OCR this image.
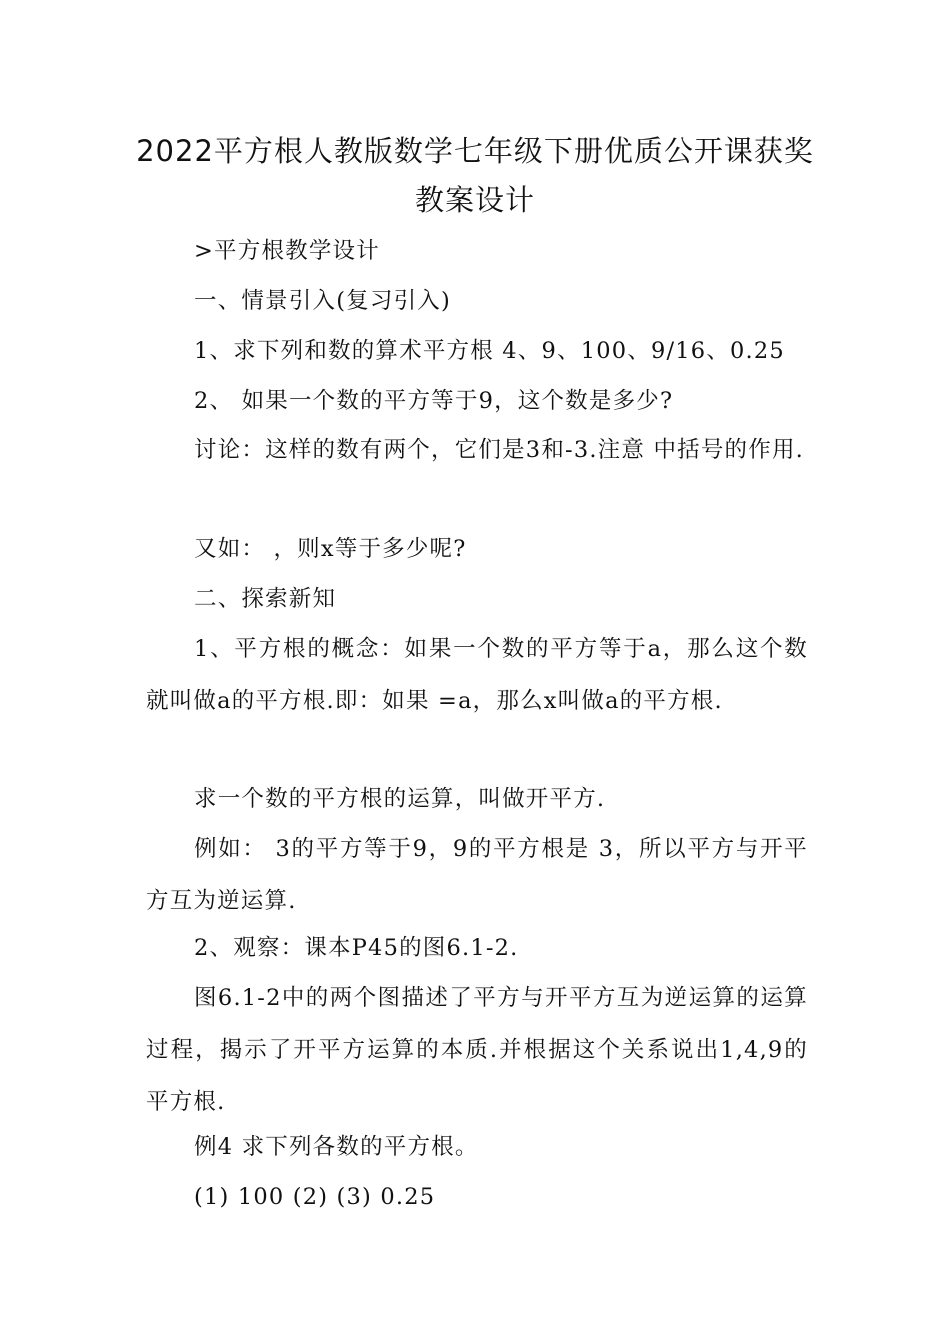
2022平方根人教版数学七年级下册优质公开课获奖
教案设计
>平方根教学设计
一、情景引入(复习引入)
1、求下列和数的算术平方根 4、9、100、9/16、0.25
2、 如果一个数的平方等于9，这个数是多少?
讨论：这样的数有两个，它们是3和-3.注意 中括号的作用.
又如： ，则x等于多少呢?
二、探索新知
1、平方根的概念：如果一个数的平方等于a，那么这个数就叫做a的平方根.即：如果 =a，那么x叫做a的平方根.
求一个数的平方根的运算，叫做开平方.
例如： 3的平方等于9，9的平方根是 3，所以平方与开平方互为逆运算.
2、观察：课本P45的图6.1-2.
图6.1-2中的两个图描述了平方与开平方互为逆运算的运算过程，揭示了开平方运算的本质.并根据这个关系说出1,4,9的平方根.
例4 求下列各数的平方根。
(1) 100 (2) (3) 0.25
